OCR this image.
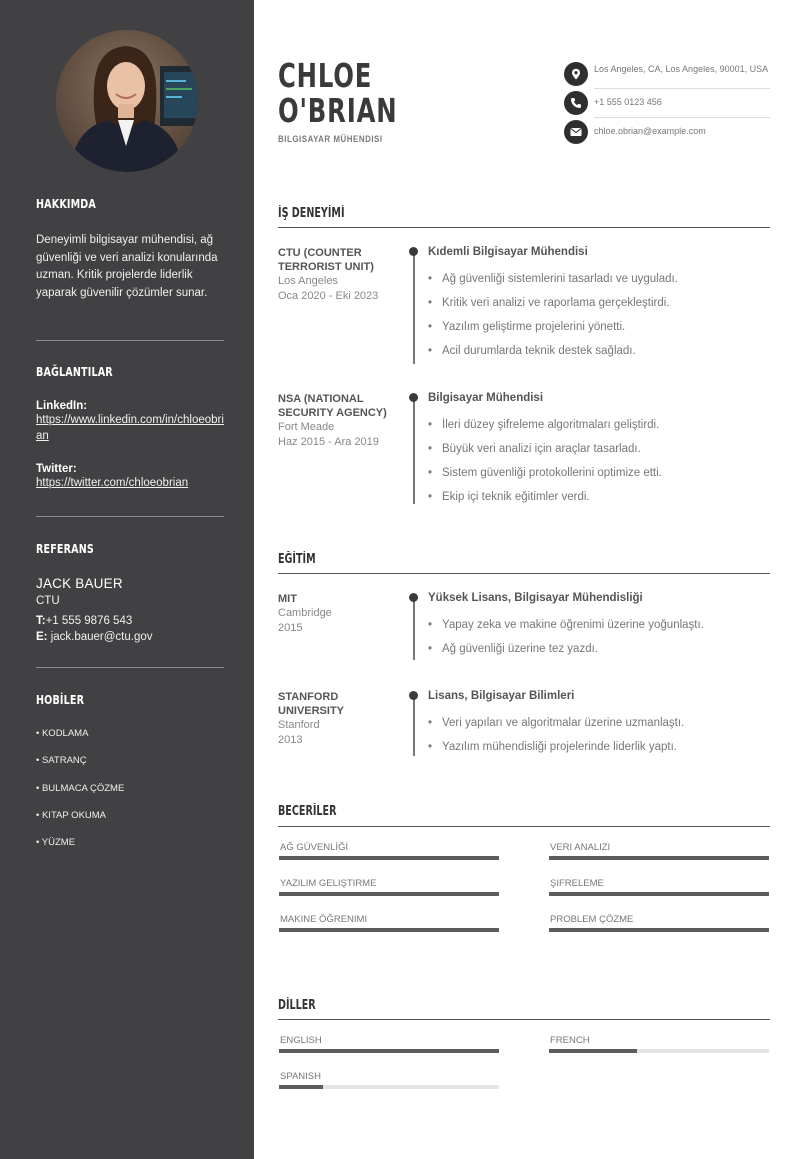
HAKKIMDA
Deneyimli bilgisayar mühendisi, ağ güvenliği ve veri analizi konularında uzman. Kritik projelerde liderlik yaparak güvenilir çözümler sunar.
BAĞLANTILAR
LinkedIn:
https://www.linkedin.com/in/chloeobrian
Twitter:
https://twitter.com/chloeobrian
REFERANS
JACK BAUER
CTU
T:+1 555 9876 543
E: jack.bauer@ctu.gov
HOBİLER
• KODLAMA
• SATRANÇ
• BULMACA ÇÖZME
• KITAP OKUMA
• YÜZME
CHLOE
O'BRIAN
BILGISAYAR MÜHENDISI
Los Angeles, CA, Los Angeles, 90001, USA
+1 555 0123 456
chloe.obrian@example.com
İŞ DENEYİMİ
CTU (COUNTER TERRORIST UNIT)
Los Angeles
Oca 2020 - Eki 2023
Kıdemli Bilgisayar Mühendisi
• Ağ güvenliği sistemlerini tasarladı ve uyguladı.
• Kritik veri analizi ve raporlama gerçekleştirdi.
• Yazılım geliştirme projelerini yönetti.
• Acil durumlarda teknik destek sağladı.
NSA (NATIONAL SECURITY AGENCY)
Fort Meade
Haz 2015 - Ara 2019
Bilgisayar Mühendisi
• İleri düzey şifreleme algoritmaları geliştirdi.
• Büyük veri analizi için araçlar tasarladı.
• Sistem güvenliği protokollerini optimize etti.
• Ekip içi teknik eğitimler verdi.
EĞİTİM
MIT
Cambridge
2015
Yüksek Lisans, Bilgisayar Mühendisliği
• Yapay zeka ve makine öğrenimi üzerine yoğunlaştı.
• Ağ güvenliği üzerine tez yazdı.
STANFORD UNIVERSITY
Stanford
2013
Lisans, Bilgisayar Bilimleri
• Veri yapıları ve algoritmalar üzerine uzmanlaştı.
• Yazılım mühendisliği projelerinde liderlik yaptı.
BECERİLER
AĞ GÜVENLİĞİ	VERI ANALIZI
YAZILIM GELIŞTIRME	ŞIFRELEME
MAKINE ÖĞRENIMI	PROBLEM ÇÖZME
DİLLER
ENGLISH	FRENCH
SPANISH
